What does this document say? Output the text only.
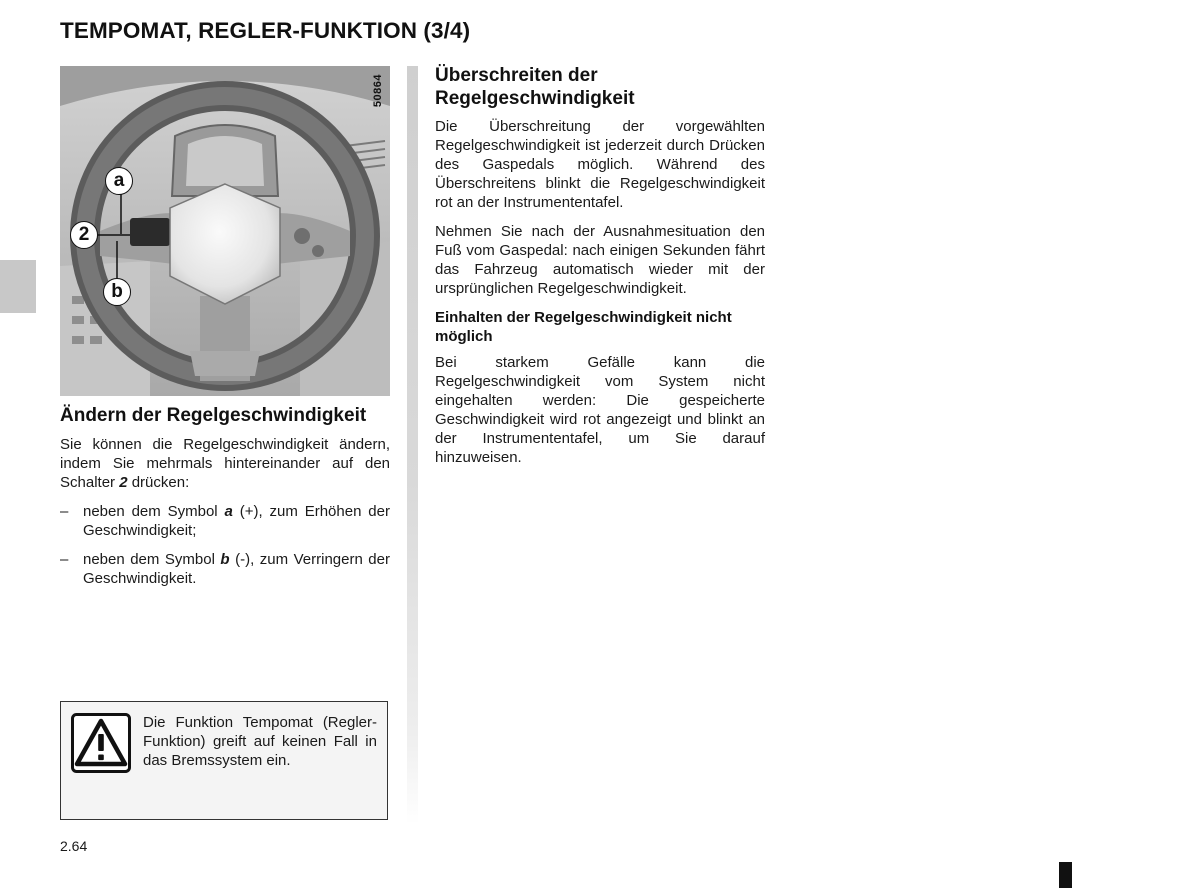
TEMPOMAT, REGLER-FUNKTION (3/4)
50864
a
2
b
Ändern der Regelgeschwindigkeit

Sie können die Regelgeschwindigkeit ändern, indem Sie mehrmals hintereinander auf den Schalter 2 drücken:

– neben dem Symbol a (+), zum Erhöhen der Geschwindigkeit;
– neben dem Symbol b (-), zum Verringern der Geschwindigkeit.
Überschreiten der Regelgeschwindigkeit

Die Überschreitung der vorgewählten Regelgeschwindigkeit ist jederzeit durch Drücken des Gaspedals möglich. Während des Überschreitens blinkt die Regelgeschwindigkeit rot an der Instrumententafel.

Nehmen Sie nach der Ausnahmesituation den Fuß vom Gaspedal: nach einigen Sekunden fährt das Fahrzeug automatisch wieder mit der ursprünglichen Regelgeschwindigkeit.

Einhalten der Regelgeschwindigkeit nicht möglich

Bei starkem Gefälle kann die Regelgeschwindigkeit vom System nicht eingehalten werden: Die gespeicherte Geschwindigkeit wird rot angezeigt und blinkt an der Instrumententafel, um Sie darauf hinzuweisen.

Die Funktion Tempomat (Regler-Funktion) greift auf keinen Fall in das Bremssystem ein.
2.64
